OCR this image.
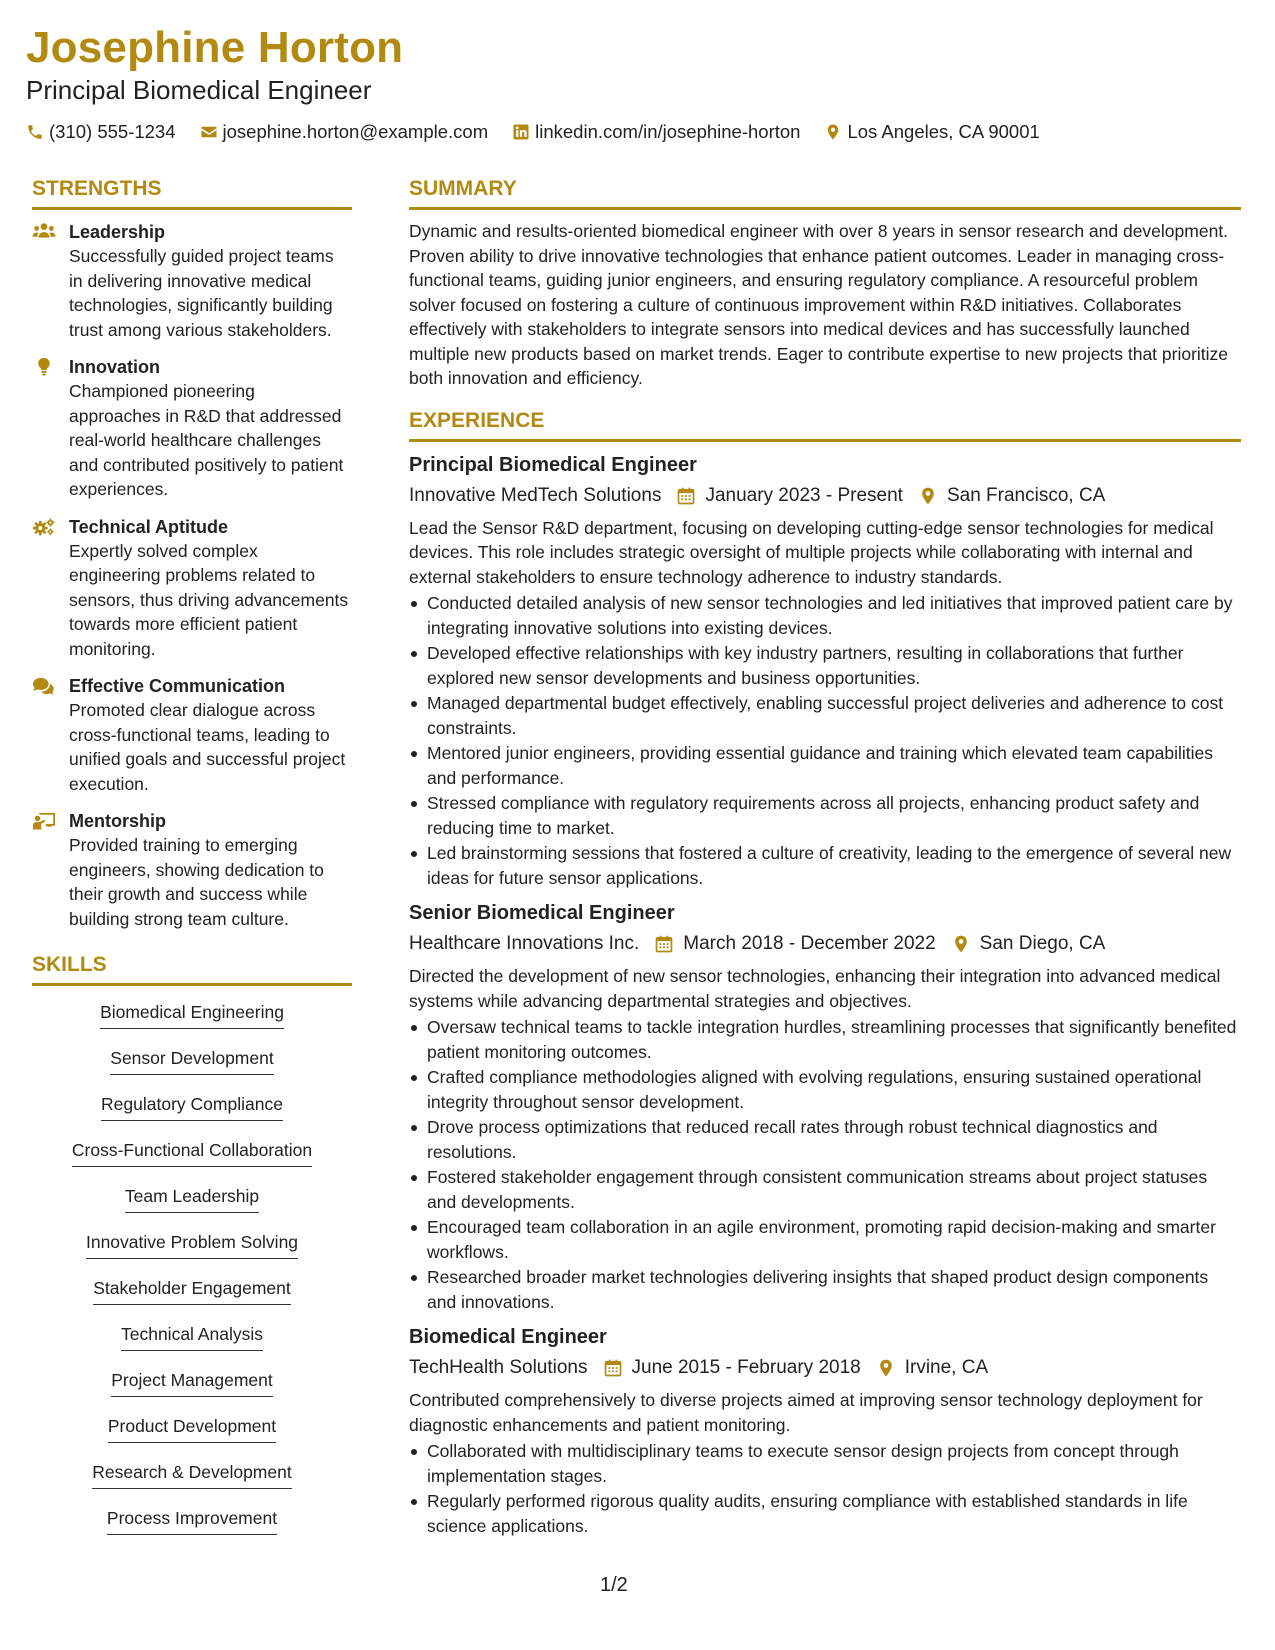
Josephine Horton
Principal Biomedical Engineer
(310) 555-1234	josephine.horton@example.com	linkedin.com/in/josephine-horton	Los Angeles, CA 90001
STRENGTHS
Leadership
Successfully guided project teams in delivering innovative medical technologies, significantly building trust among various stakeholders.
Innovation
Championed pioneering approaches in R&D that addressed real-world healthcare challenges and contributed positively to patient experiences.
Technical Aptitude
Expertly solved complex engineering problems related to sensors, thus driving advancements towards more efficient patient monitoring.
Effective Communication
Promoted clear dialogue across cross-functional teams, leading to unified goals and successful project execution.
Mentorship
Provided training to emerging engineers, showing dedication to their growth and success while building strong team culture.
SKILLS
Biomedical Engineering
Sensor Development
Regulatory Compliance
Cross-Functional Collaboration
Team Leadership
Innovative Problem Solving
Stakeholder Engagement
Technical Analysis
Project Management
Product Development
Research & Development
Process Improvement
SUMMARY
Dynamic and results-oriented biomedical engineer with over 8 years in sensor research and development. Proven ability to drive innovative technologies that enhance patient outcomes. Leader in managing cross-functional teams, guiding junior engineers, and ensuring regulatory compliance. A resourceful problem solver focused on fostering a culture of continuous improvement within R&D initiatives. Collaborates effectively with stakeholders to integrate sensors into medical devices and has successfully launched multiple new products based on market trends. Eager to contribute expertise to new projects that prioritize both innovation and efficiency.
EXPERIENCE
Principal Biomedical Engineer
Innovative MedTech Solutions January 2023 - Present San Francisco, CA
Lead the Sensor R&D department, focusing on developing cutting-edge sensor technologies for medical devices. This role includes strategic oversight of multiple projects while collaborating with internal and external stakeholders to ensure technology adherence to industry standards.
Conducted detailed analysis of new sensor technologies and led initiatives that improved patient care by integrating innovative solutions into existing devices.
Developed effective relationships with key industry partners, resulting in collaborations that further explored new sensor developments and business opportunities.
Managed departmental budget effectively, enabling successful project deliveries and adherence to cost constraints.
Mentored junior engineers, providing essential guidance and training which elevated team capabilities and performance.
Stressed compliance with regulatory requirements across all projects, enhancing product safety and reducing time to market.
Led brainstorming sessions that fostered a culture of creativity, leading to the emergence of several new ideas for future sensor applications.
Senior Biomedical Engineer
Healthcare Innovations Inc. March 2018 - December 2022 San Diego, CA
Directed the development of new sensor technologies, enhancing their integration into advanced medical systems while advancing departmental strategies and objectives.
Oversaw technical teams to tackle integration hurdles, streamlining processes that significantly benefited patient monitoring outcomes.
Crafted compliance methodologies aligned with evolving regulations, ensuring sustained operational integrity throughout sensor development.
Drove process optimizations that reduced recall rates through robust technical diagnostics and resolutions.
Fostered stakeholder engagement through consistent communication streams about project statuses and developments.
Encouraged team collaboration in an agile environment, promoting rapid decision-making and smarter workflows.
Researched broader market technologies delivering insights that shaped product design components and innovations.
Biomedical Engineer
TechHealth Solutions June 2015 - February 2018 Irvine, CA
Contributed comprehensively to diverse projects aimed at improving sensor technology deployment for diagnostic enhancements and patient monitoring.
Collaborated with multidisciplinary teams to execute sensor design projects from concept through implementation stages.
Regularly performed rigorous quality audits, ensuring compliance with established standards in life science applications.
1/2
